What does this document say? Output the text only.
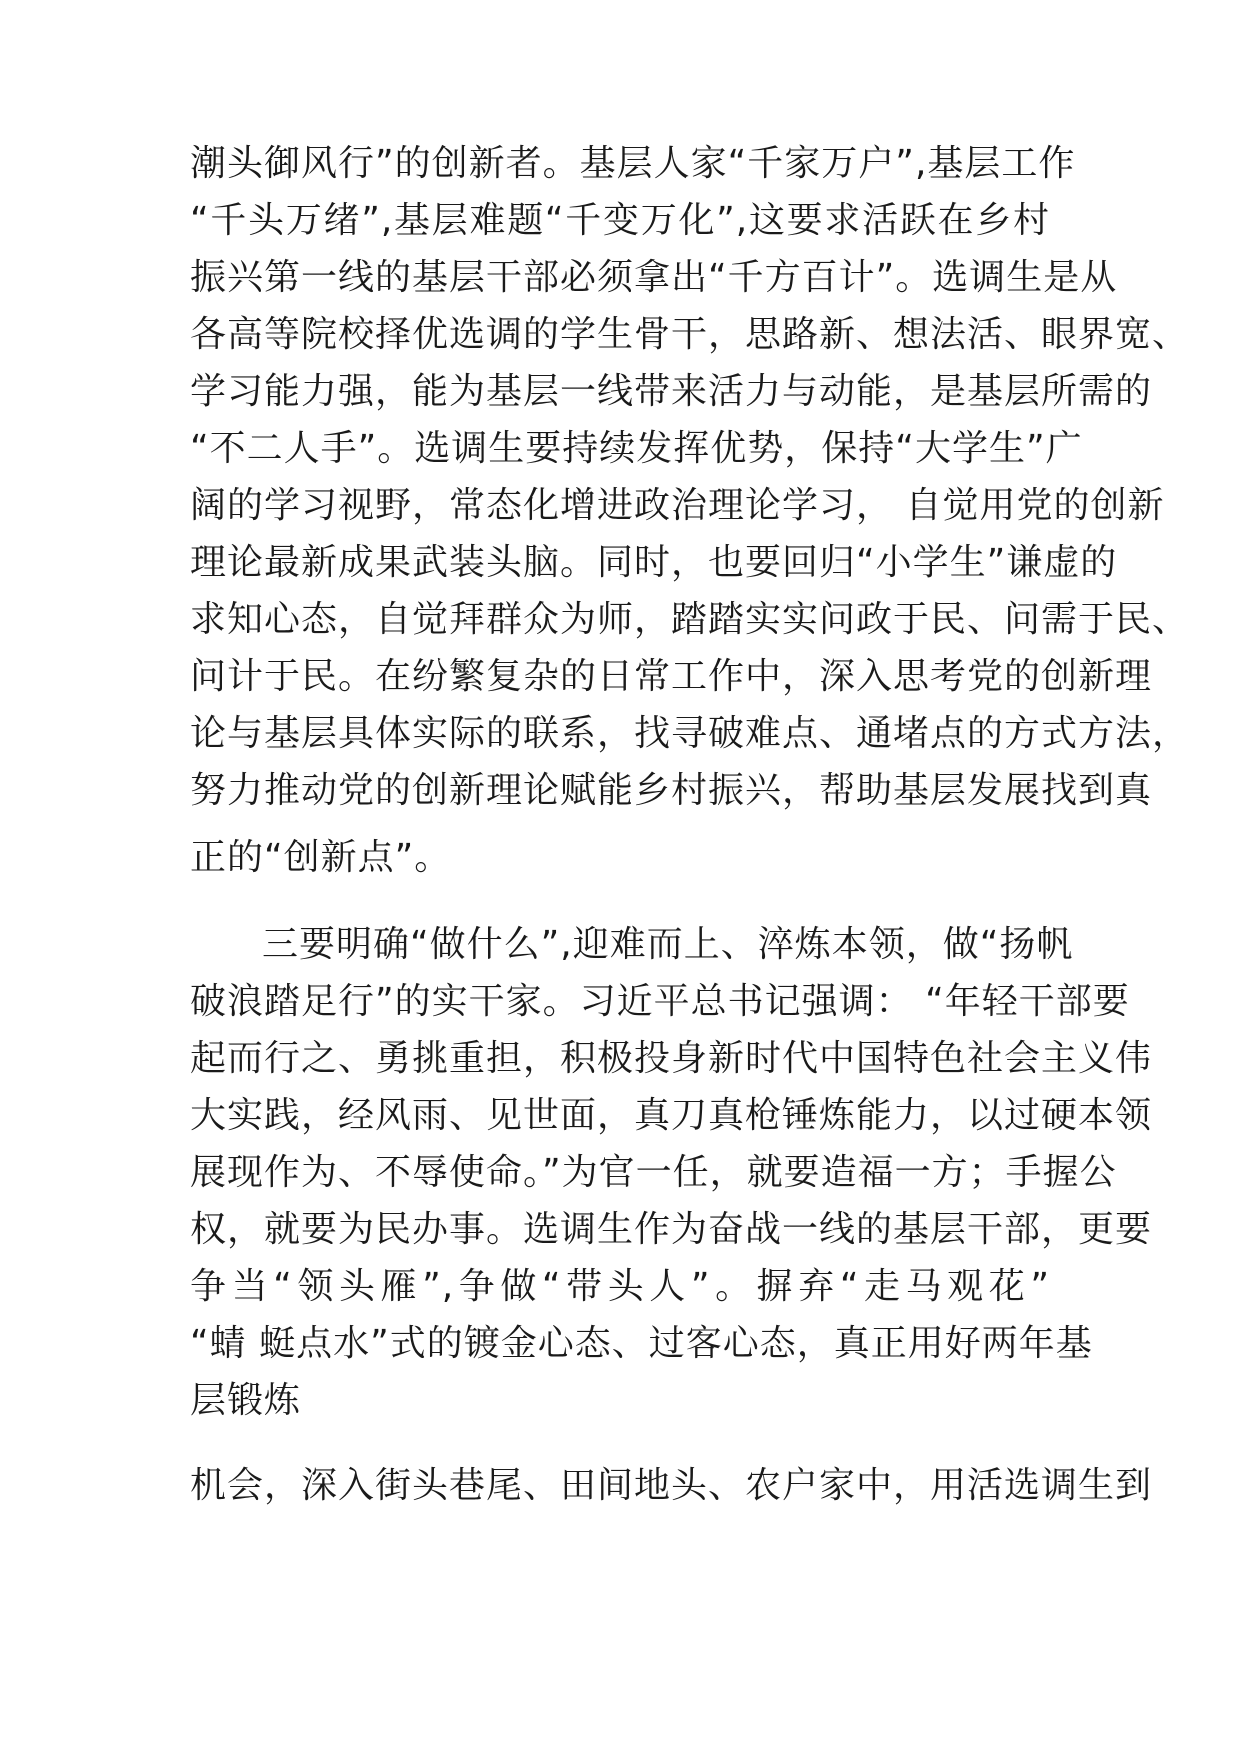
潮头御风行”的创新者。基层人家“千家万户”,基层工作
“千头万绪”,基层难题“千变万化”,这要求活跃在乡村
振兴第一线的基层干部必须拿出“千方百计”。选调生是从
各高等院校择优选调的学生骨干，思路新、想法活、眼界宽、
学习能力强，能为基层一线带来活力与动能，是基层所需的
“不二人手”。选调生要持续发挥优势，保持“大学生”广
阔的学习视野，常态化增进政治理论学习， 自觉用党的创新
理论最新成果武装头脑。同时，也要回归“小学生”谦虚的
求知心态，自觉拜群众为师，踏踏实实问政于民、问需于民、
问计于民。在纷繁复杂的日常工作中，深入思考党的创新理
论与基层具体实际的联系，找寻破难点、通堵点的方式方法，
努力推动党的创新理论赋能乡村振兴，帮助基层发展找到真
正的“创新点”。
三要明确“做什么”,迎难而上、淬炼本领，做“扬帆
破浪踏足行”的实干家。习近平总书记强调： “年轻干部要
起而行之、勇挑重担，积极投身新时代中国特色社会主义伟
大实践，经风雨、见世面，真刀真枪锤炼能力，以过硬本领
展现作为、不辱使命。”为官一任，就要造福一方；手握公
权，就要为民办事。选调生作为奋战一线的基层干部，更要
争当“领头雁”,争做“带头人”。摒弃“走马观花”
“蜻 蜓点水”式的镀金心态、过客心态，真正用好两年基
层锻炼
机会，深入街头巷尾、田间地头、农户家中，用活选调生到
